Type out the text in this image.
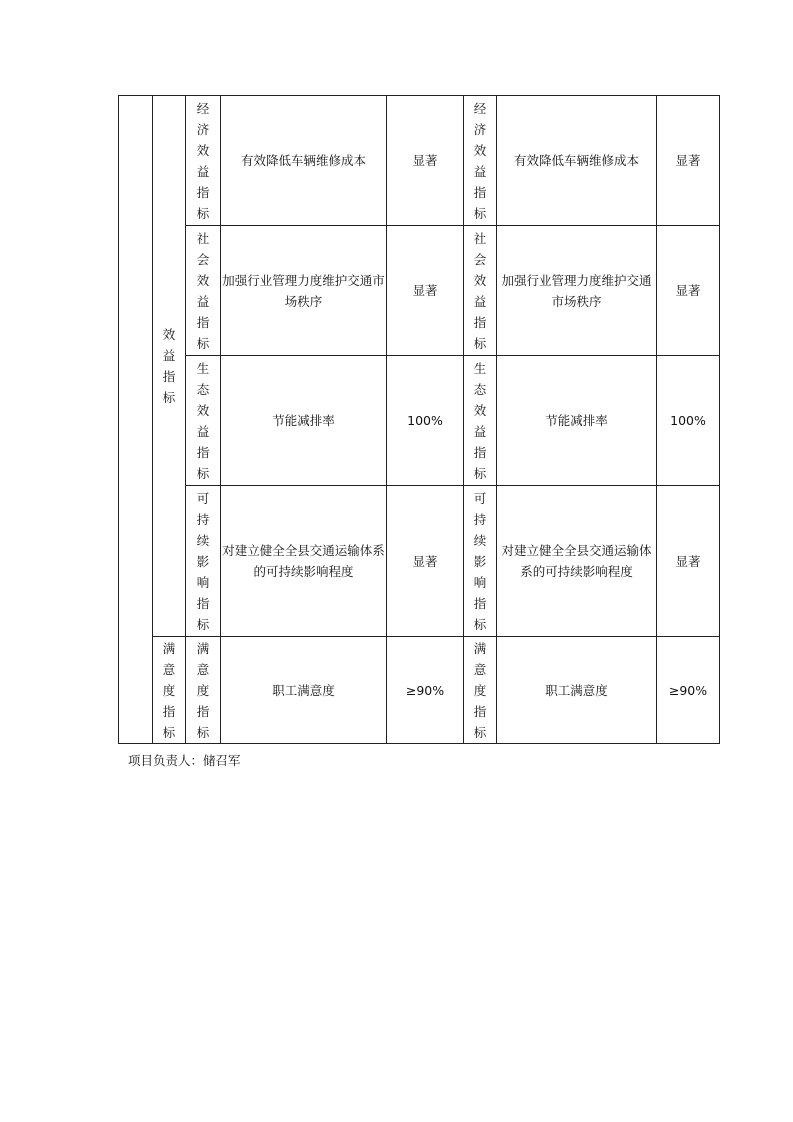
	效益指标	经济效益指标	有效降低车辆维修成本	显著	经济效益指标	有效降低车辆维修成本	显著
		社会效益指标	加强行业管理力度维护交通市场秩序	显著	社会效益指标	加强行业管理力度维护交通市场秩序	显著
		生态效益指标	节能减排率	100%	生态效益指标	节能减排率	100%
		可持续影响指标	对建立健全全县交通运输体系的可持续影响程度	显著	可持续影响指标	对建立健全全县交通运输体系的可持续影响程度	显著
	满意度指标	满意度指标	职工满意度	≥90%	满意度指标	职工满意度	≥90%
项目负责人：储召军
